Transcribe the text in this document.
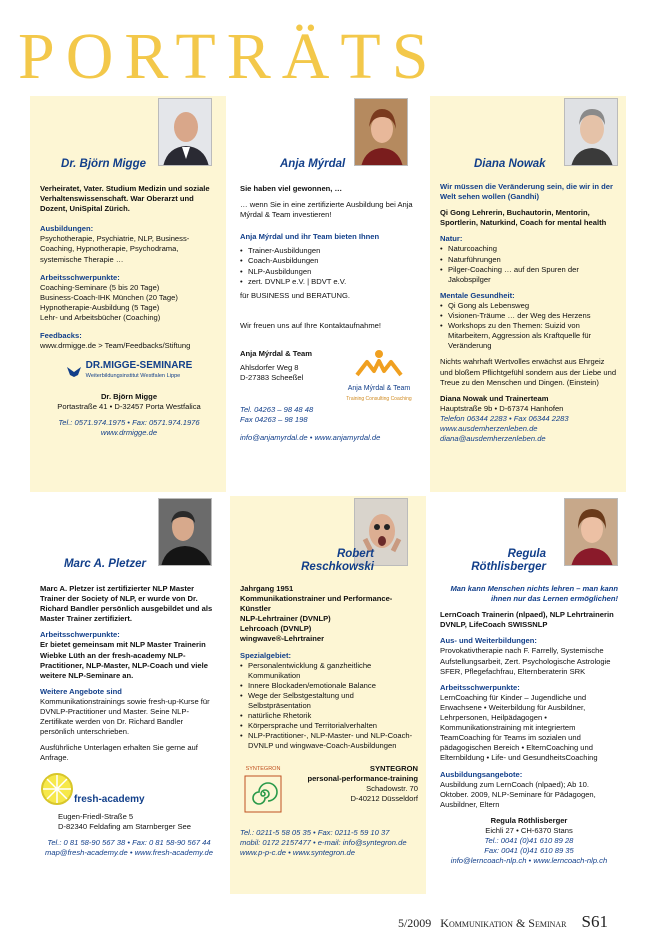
PORTRÄTS
Dr. Björn Migge

Verheiratet, Vater. Studium Medizin und soziale Verhaltenswissenschaft. War Oberarzt und Dozent, UniSpital Zürich.

Ausbildungen:

Psychotherapie, Psychiatrie, NLP, Business-Coaching, Hypnotherapie, Psychodrama, systemische Therapie …

Arbeitsschwerpunkte:

Coaching-Seminare (5 bis 20 Tage)
Business-Coach-IHK München (20 Tage)
Hypnotherapie-Ausbildung (5 Tage)
Lehr- und Arbeitsbücher (Coaching)

Feedbacks:

www.drmigge.de > Team/Feedbacks/Stiftung

DR.MIGGE-SEMINARE
Weiterbildungsinstitut Westfalen Lippe
Dr. Björn Migge
Portastraße 41 • D-32457 Porta Westfalica
Tel.: 0571.974.1975 • Fax: 0571.974.1976
www.drmigge.de
Anja Mýrdal

Sie haben viel gewonnen, …

… wenn Sie in eine zertifizierte Ausbildung bei Anja Mýrdal & Team investieren!

Anja Mýrdal und ihr Team bieten Ihnen

• Trainer-Ausbildungen
• Coach-Ausbildungen
• NLP-Ausbildungen
• zert. DVNLP e.V. | BDVT e.V.

für BUSINESS und BERATUNG.

Wir freuen uns auf Ihre Kontaktaufnahme!

Anja Mýrdal & Team

Ahlsdorfer Weg 8
D-27383 Scheeßel
Anja Mýrdal & Team
Training Consulting Coaching
Tel. 04263 – 98 48 48
Fax 04263 – 98 198
info@anjamyrdal.de • www.anjamyrdal.de
Diana Nowak

Wir müssen die Veränderung sein, die wir in der Welt sehen wollen (Gandhi)

Qi Gong Lehrerin, Buchautorin, Mentorin, Sportlerin, Naturkind, Coach for mental health

Natur:

• Naturcoaching
• Naturführungen
• Pilger-Coaching … auf den Spuren der Jakobspilger

Mentale Gesundheit:

• Qi Gong als Lebensweg
• Visionen-Träume … der Weg des Herzens
• Workshops zu den Themen: Suizid von Mitarbeitern, Aggression als Kraftquelle für Veränderung

Nichts wahrhaft Wertvolles erwächst aus Ehrgeiz und bloßem Pflichtgefühl sondern aus der Liebe und Treue zu den Menschen und Dingen. (Einstein)

Diana Nowak und Trainerteam
Hauptstraße 9b • D-67374 Hanhofen
Telefon 06344 2283 • Fax 06344 2283
www.ausdemherzenleben.de
diana@ausdemherzenleben.de
Marc A. Pletzer

Marc A. Pletzer ist zertifizierter NLP Master Trainer der Society of NLP, er wurde von Dr. Richard Bandler persönlich ausgebildet und als Master Trainer zertifiziert.

Arbeitsschwerpunkte:

Er bietet gemeinsam mit NLP Master Trainerin Wiebke Lüth an der fresh-academy NLP-Practitioner, NLP-Master, NLP-Coach und viele weitere NLP-Seminare an.

Weitere Angebote sind

Kommunikationstrainings sowie fresh-up-Kurse für DVNLP-Practitioner und Master. Seine NLP-Zertifikate werden von Dr. Richard Bandler persönlich unterschrieben.

Ausführliche Unterlagen erhalten Sie gerne auf Anfrage.

fresh-academy
Eugen-Friedl-Straße 5
D-82340 Feldafing am Starnberger See
Tel.: 0 81 58-90 567 38 • Fax: 0 81 58-90 567 44
map@fresh-academy.de • www.fresh-academy.de
Robert
Reschkowski

Jahrgang 1951
Kommunikationstrainer und Performance-Künstler
NLP-Lehrtrainer (DVNLP)
Lehrcoach (DVNLP)
wingwave®-Lehrtrainer

Spezialgebiet:

• Personalentwicklung & ganzheitliche Kommunikation
• Innere Blockaden/emotionale Balance
• Wege der Selbstgestaltung und Selbstpräsentation
• natürliche Rhetorik
• Körpersprache und Territorialverhalten
• NLP-Practitioner-, NLP-Master- und NLP-Coach-DVNLP und wingwave-Coach-Ausbildungen
SYNTEGRON	SYNTEGRON
personal-performance-training
Schadowstr. 70
D-40212 Düsseldorf
Tel.: 0211-5 58 05 35 • Fax: 0211-5 59 10 37
mobil: 0172 2157477 • e-mail: info@syntegron.de
www.p-p-c.de • www.syntegron.de
Regula
Röthlisberger

Man kann Menschen nichts lehren – man kann ihnen nur das Lernen ermöglichen!

LernCoach Trainerin (nlpaed), NLP Lehrtrainerin DVNLP, LifeCoach SWISSNLP

Aus- und Weiterbildungen:

Provokativtherapie nach F. Farrelly, Systemische Aufstellungsarbeit, Zert. Psychologische Astrologie SFER, Pflegefachfrau, Elternberaterin SRK

Arbeitsschwerpunkte:

LernCoaching für Kinder – Jugendliche und Erwachsene • Weiterbildung für Ausbildner, Lehrpersonen, Heilpädagogen • Kommunikationstraining mit integriertem TeamCoaching für Teams im sozialen und pädagogischen Bereich • ElternCoaching und Elternbildung • Life- und GesundheitsCoaching

Ausbildungsangebote:

Ausbildung zum LernCoach (nlpaed); Ab 10. Oktober. 2009, NLP-Seminare für Pädagogen, Ausbildner, Eltern

Regula Röthlisberger
Eichli 27 • CH-6370 Stans
Tel.: 0041 (0)41 610 89 28
Fax: 0041 (0)41 610 89 35
info@lerncoach-nlp.ch • www.lerncoach-nlp.ch
5/2009 Kommunikation & Seminar S61
